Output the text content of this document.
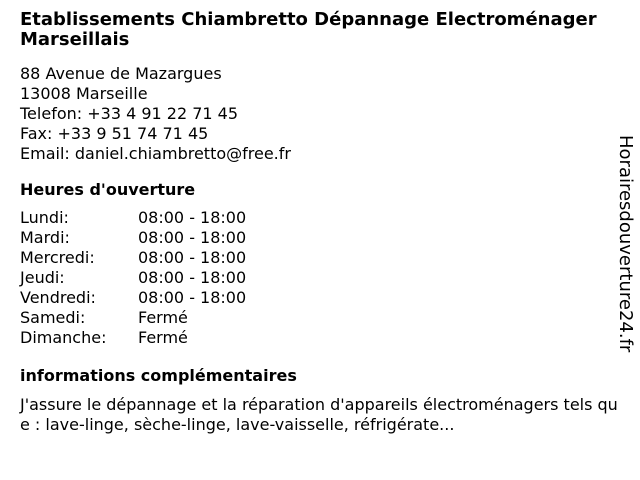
Etablissements Chiambretto Dépannage Electroménager Marseillais
88 Avenue de Mazargues
13008 Marseille
Telefon: +33 4 91 22 71 45
Fax: +33 9 51 74 71 45
Email: daniel.chiambretto@free.fr
Heures d'ouverture
Lundi:	08:00 - 18:00
Mardi:	08:00 - 18:00
Mercredi:	08:00 - 18:00
Jeudi:	08:00 - 18:00
Vendredi:	08:00 - 18:00
Samedi:	Fermé
Dimanche:	Fermé
informations complémentaires
J'assure le dépannage et la réparation d'appareils électroménagers tels que : lave-linge, sèche-linge, lave-vaisselle, réfrigérate...
Horairesdouverture24.fr
